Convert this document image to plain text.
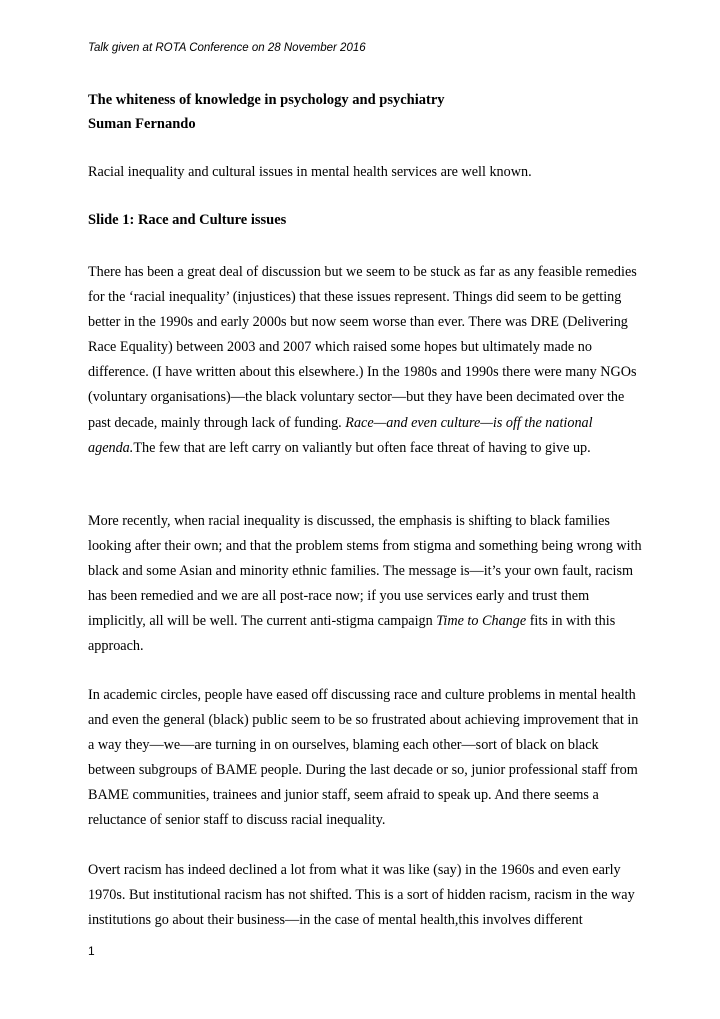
Talk given at ROTA Conference on 28 November 2016
The whiteness of knowledge in psychology and psychiatry
Suman Fernando

Racial inequality and cultural issues in mental health services are well known.

Slide 1: Race and Culture issues

There has been a great deal of discussion but we seem to be stuck as far as any feasible remedies for the ‘racial inequality’ (injustices) that these issues represent. Things did seem to be getting better in the 1990s and early 2000s but now seem worse than ever. There was DRE (Delivering Race Equality) between 2003 and 2007 which raised some hopes but ultimately made no difference. (I have written about this elsewhere.) In the 1980s and 1990s there were many NGOs (voluntary organisations)—the black voluntary sector—but they have been decimated over the past decade, mainly through lack of funding. Race—and even culture—is off the national agenda.The few that are left carry on valiantly but often face threat of having to give up.

More recently, when racial inequality is discussed, the emphasis is shifting to black families looking after their own; and that the problem stems from stigma and something being wrong with black and some Asian and minority ethnic families. The message is—it’s your own fault, racism has been remedied and we are all post-race now; if you use services early and trust them implicitly, all will be well. The current anti-stigma campaign Time to Change fits in with this approach.

In academic circles, people have eased off discussing race and culture problems in mental health and even the general (black) public seem to be so frustrated about achieving improvement that in a way they—we—are turning in on ourselves, blaming each other—sort of black on black between subgroups of BAME people. During the last decade or so, junior professional staff from BAME communities, trainees and junior staff, seem afraid to speak up. And there seems a reluctance of senior staff to discuss racial inequality.

Overt racism has indeed declined a lot from what it was like (say) in the 1960s and even early 1970s. But institutional racism has not shifted. This is a sort of hidden racism, racism in the way institutions go about their business—in the case of mental health,this involves different

1
